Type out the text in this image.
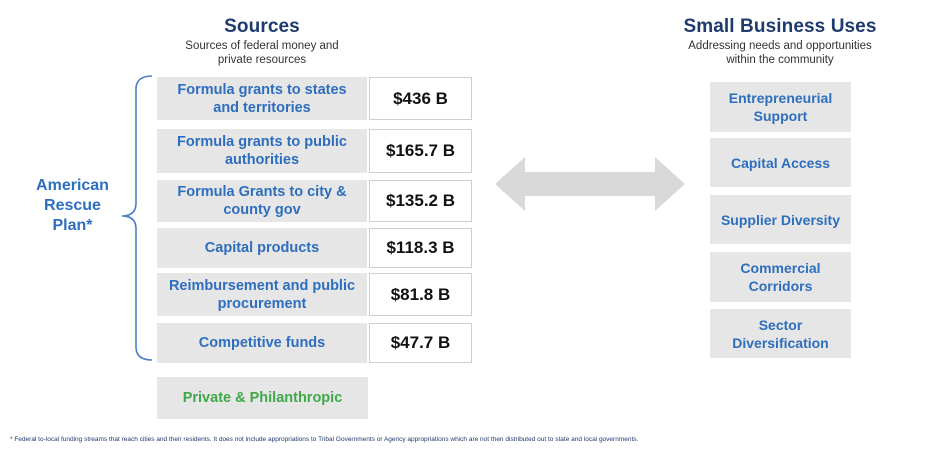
Sources
Sources of federal money and
private resources
American
Rescue
Plan*
Formula grants to states and territories	$436 B
Formula grants to public authorities	$165.7 B
Formula Grants to city & county gov	$135.2 B
Capital products	$118.3 B
Reimbursement and public procurement	$81.8 B
Competitive funds	$47.7 B
Private & Philanthropic
Small Business Uses
Addressing needs and opportunities
within the community
Entrepreneurial Support
Capital Access
Supplier Diversity
Commercial Corridors
Sector Diversification
* Federal to-local funding streams that reach cities and their residents. It does not include appropriations to Tribal Governments or Agency appropriations which are not then distributed out to state and local governments.
